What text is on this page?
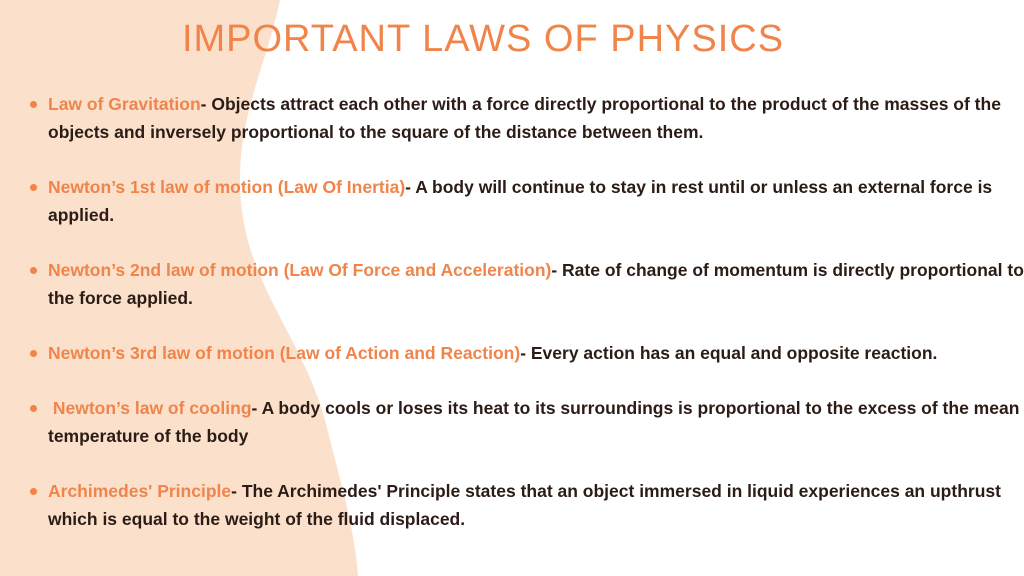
IMPORTANT LAWS OF PHYSICS
Law of Gravitation- Objects attract each other with a force directly proportional to the product of the masses of the objects and inversely proportional to the square of the distance between them.
Newton’s 1st law of motion (Law Of Inertia)- A body will continue to stay in rest until or unless an external force is applied.
Newton’s 2nd law of motion (Law Of Force and Acceleration)- Rate of change of momentum is directly proportional to the force applied.
Newton’s 3rd law of motion (Law of Action and Reaction)- Every action has an equal and opposite reaction.
Newton’s law of cooling- A body cools or loses its heat to its surroundings is proportional to the excess of the mean temperature of the body
Archimedes' Principle- The Archimedes' Principle states that an object immersed in liquid experiences an upthrust which is equal to the weight of the fluid displaced.
